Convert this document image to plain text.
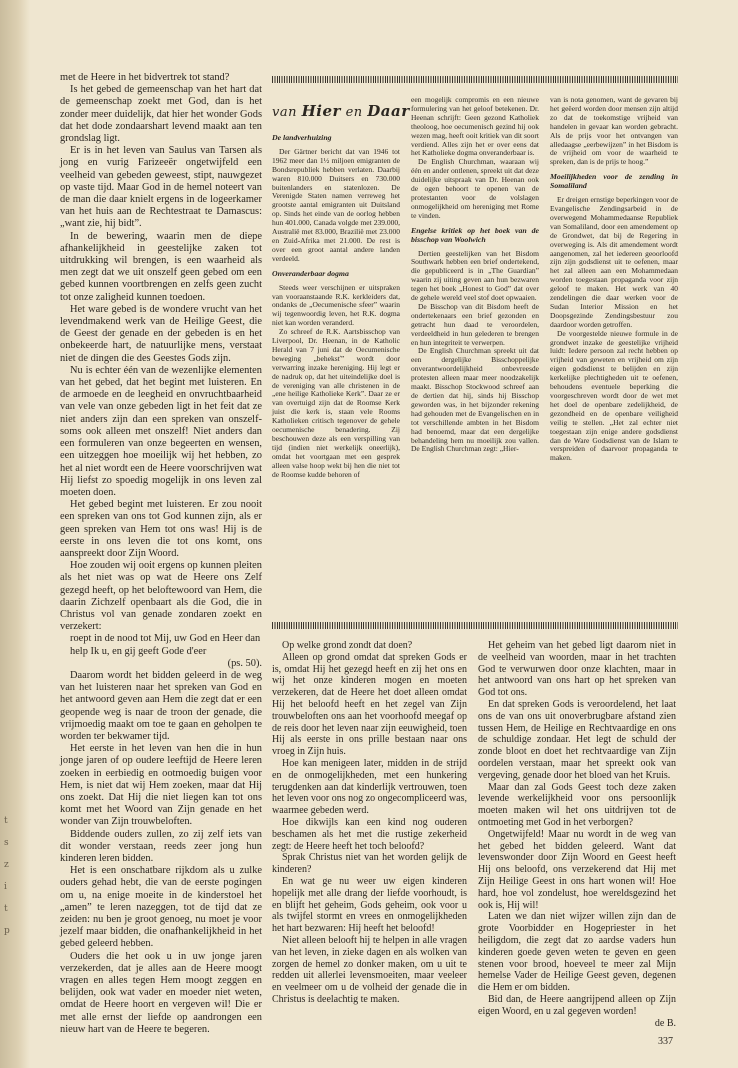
t
s
z
i
t
p

met de Heere in het bidvertrek tot stand?

Is het gebed de gemeenschap van het hart dat de gemeenschap zoekt met God, dan is het zonder meer duidelijk, dat hier het wonder Gods dat het dode zondaarshart levend maakt aan ten grondslag ligt.

Er is in het leven van Saulus van Tarsen als jong en vurig Farizeeër ongetwijfeld een veelheid van gebeden geweest, stipt, nauwgezet op vaste tijd. Maar God in de hemel noteert van de man die daar knielt ergens in de logeerkamer van het huis aan de Rechtestraat te Damascus: „want zie, hij bidt”.

In de bewering, waarin men de diepe afhankelijkheid in geestelijke zaken tot uitdrukking wil brengen, is een waarheid als men zegt dat we uit onszelf geen gebed om een gebed kunnen voortbrengen en zelfs geen zucht tot onze zaligheid kunnen toedoen.

Het ware gebed is de wondere vrucht van het levendmakend werk van de Heilige Geest, die de Geest der genade en der gebeden is en het onbekeerde hart, de natuurlijke mens, verstaat niet de dingen die des Geestes Gods zijn.

Nu is echter één van de wezenlijke elementen van het gebed, dat het begint met luisteren. En de armoede en de leegheid en onvruchtbaarheid van vele van onze gebeden ligt in het feit dat ze niet anders zijn dan een spreken van onszelf-soms ook alleen met onszelf! Niet anders dan een formuleren van onze begeerten en wensen, een uitzeggen hoe moeilijk wij het hebben, zo het al niet wordt een de Heere voorschrijven wat Hij liefst zo spoedig mogelijk in ons leven zal moeten doen.

Het gebed begint met luisteren. Er zou nooit een spreken van ons tot God kunnen zijn, als er geen spreken van Hem tot ons was! Hij is de eerste in ons leven die tot ons komt, ons aanspreekt door Zijn Woord.

Hoe zouden wij ooit ergens op kunnen pleiten als het niet was op wat de Heere ons Zelf gezegd heeft, op het beloftewoord van Hem, die daarin Zichzelf openbaart als die God, die in Christus vol van genade zondaren zoekt en verzekert:

roept in de nood tot Mij, uw God en Heer dan help Ik u, en gij geeft Gode d'eer

(ps. 50).

Daarom wordt het bidden geleerd in de weg van het luisteren naar het spreken van God en het antwoord geven aan Hem die zegt dat er een geopende weg is naar de troon der genade, die vrijmoedig maakt om toe te gaan en geholpen te worden ter bekwamer tijd.

Het eerste in het leven van hen die in hun jonge jaren of op oudere leeftijd de Heere leren zoeken in eerbiedig en ootmoedig buigen voor Hem, is niet dat wij Hem zoeken, maar dat Hij ons zoekt. Dat Hij die niet liegen kan tot ons komt met het Woord van Zijn genade en het wonder van Zijn trouwbeloften.

Biddende ouders zullen, zo zij zelf iets van dit wonder verstaan, reeds zeer jong hun kinderen leren bidden.

Het is een onschatbare rijkdom als u zulke ouders gehad hebt, die van de eerste pogingen om u, na enige moeite in de kinderstoel het „amen” te leren nazeggen, tot de tijd dat ze zeiden: nu ben je groot genoeg, nu moet je voor jezelf maar bidden, die onafhankelijkheid in het gebed geleerd hebben.

Ouders die het ook u in uw jonge jaren verzekerden, dat je alles aan de Heere moogt vragen en alles tegen Hem moogt zeggen en belijden, ook wat vader en moeder niet weten, omdat de Heere hoort en vergeven wil! Die er met alle ernst der liefde op aandrongen een nieuw hart van de Heere te begeren.

van Hier en Daar

De landverhuizing

Der Gärtner bericht dat van 1946 tot 1962 meer dan 1½ miljoen emigranten de Bondsrepubliek hebben verlaten. Daarbij waren 810.000 Duitsers en 730.000 buitenlanders en statenlozen. De Verenigde Staten namen verreweg het grootste aantal emigranten uit Duitsland op. Sinds het einde van de oorlog hebben hun 401.000, Canada volgde met 239.000, Australië met 83.000, Brazilië met 23.000 en Zuid-Afrika met 21.000. De rest is over een groot aantal andere landen verdeeld.

Onveranderbaar dogma

Steeds weer verschijnen er uitspraken van vooraanstaande R.K. kerkleiders dat, ondanks de „Oecumenische sfeer” waarin wij tegenwoordig leven, het R.K. dogma niet kan worden veranderd.

Zo schreef de R.K. Aartsbisschop van Liverpool, Dr. Heenan, in de Katholic Herald van 7 juni dat de Oecumenische beweging „beheksť” wordt door verwarring inzake hereniging. Hij legt er de nadruk op, dat het uiteindelijke doel is de vereniging van alle christenen in de „ene heilige Katholieke Kerk”. Daar ze er van overtuigd zijn dat de Roomse Kerk juist die kerk is, staan vele Rooms Katholieken critisch tegenover de gehele oecumenische benadering. Zij beschouwen deze als een verspilling van tijd (indien niet werkelijk oneerlijk), omdat het voortgaan met een gesprek alleen valse hoop wekt bij hen die niet tot de Roomse kudde behoren of

een mogelijk compromis en een nieuwe formulering van het geloof betekenen. Dr. Heenan schrijft: Geen gezond Katholiek theoloog, hoe oecumenisch gezind hij ook wezen mag, heeft ooit kritiek van dit soort verdiend. Alles zijn het er over eens dat het Katholieke dogma onveranderbaar is.

De English Churchman, waaraan wij één en ander ontlenen, spreekt uit dat deze duidelijke uitspraak van Dr. Heenan ook de ogen behoort te openen van de protestanten voor de volslagen onmogelijkheid om hereniging met Rome te vinden.

Engelse kritiek op het boek van de bisschop van Woolwich

Dertien geestelijken van het Bisdom Southwark hebben een brief ondertekend, die gepubliceerd is in „The Guardian” waarin zij uiting geven aan hun bezwaren tegen het boek „Honest to God” dat over de gehele wereld veel stof doet opwaaien.

De Bisschop van dit Bisdom heeft de ondertekenaars een brief gezonden en getracht hun daad te veroordelen, verdeeldheid in hun gelederen te brengen en hun integriteit te verwerpen.

De English Churchman spreekt uit dat een dergelijke Bisschoppelijke onverantwoordelijkheid onbevreesde protesten alleen maar meer noodzakelijk maakt. Bisschop Stockwood schreef aan de dertien dat hij, sinds hij Bisschop geworden was, in het bijzonder rekening had gehouden met de Evangelischen en in tot verschillende ambten in het Bisdom had benoemd, maar dat een dergelijke behandeling hem nu moeilijk zou vallen. De English Churchman zegt: „Hier-

van is nota genomen, want de gevaren bij het geëerd worden door mensen zijn altijd zo dat de toekomstige vrijheid van handelen in gevaar kan worden gebracht. Als de prijs voor het ontvangen van alledaagse „eerbewijzen” in het Bisdom is de vrijheid om voor de waarheid te spreken, dan is de prijs te hoog.”

Moeilijkheden voor de zending in Somaliland

Er dreigen ernstige beperkingen voor de Evangelische Zendingsarbeid in de overwegend Mohammedaanse Republiek van Somaliland, door een amendement op de Grondwet, dat bij de Regering in overweging is. Als dit amendement wordt aangenomen, zal het iedereen geoorloofd zijn zijn godsdienst uit te oefenen, maar het zal alleen aan een Mohammedaan worden toegestaan propaganda voor zijn geloof te maken. Het werk van 40 zendelingen die daar werken voor de Sudan Interior Mission en het Doopsgezinde Zendingsbestuur zou daardoor worden getroffen.

De voorgestelde nieuwe formule in de grondwet inzake de geestelijke vrijheid luidt: Iedere persoon zal recht hebben op vrijheid van geweten en vrijheid om zijn eigen godsdienst te belijden en zijn kerkelijke plechtigheden uit te oefenen, behoudens eventuele beperking die voorgeschreven wordt door de wet met het doel de openbare zedelijkheid, de gezondheid en de openbare veiligheid veilig te stellen. „Het zal echter niet toegestaan zijn enige andere godsdienst dan de Ware Godsdienst van de Islam te verspreiden of daarvoor propaganda te maken.

Op welke grond zondt dat doen?

Alleen op grond omdat dat spreken Gods er is, omdat Hij het gezegd heeft en zij het ons en wij het onze kinderen mogen en moeten verzekeren, dat de Heere het doet alleen omdat Hij het beloofd heeft en het zegel van Zijn trouwbeloften ons aan het voorhoofd meegaf op de reis door het leven naar zijn eeuwigheid, toen Hij als eerste in ons prille bestaan naar ons vroeg in Zijn huis.

Hoe kan menigeen later, midden in de strijd en de onmogelijkheden, met een hunkering terugdenken aan dat kinderlijk vertrouwen, toen het leven voor ons nog zo ongecompliceerd was, waarmee gebeden werd.

Hoe dikwijls kan een kind nog ouderen beschamen als het met die rustige zekerheid zegt: de Heere heeft het toch beloofd?

Sprak Christus niet van het worden gelijk de kinderen?

En wat ge nu weer uw eigen kinderen hopelijk met alle drang der liefde voorhoudt, is en blijft het geheim, Gods geheim, ook voor u als twijfel stormt en vrees en onmogelijkheden het hart bezwaren: Hij heeft het beloofd!

Niet alleen belooft hij te helpen in alle vragen van het leven, in zieke dagen en als wolken van zorgen de hemel zo donker maken, om u uit te redden uit allerlei levensmoeiten, maar veeleer en veelmeer om u de volheid der genade die in Christus is deelachtig te maken.

Het geheim van het gebed ligt daarom niet in de veelheid van woorden, maar in het trachten God te verwurwen door onze klachten, maar in het antwoord van ons hart op het spreken van God tot ons.

En dat spreken Gods is veroordelend, het laat ons de van ons uit onoverbrugbare afstand zien tussen Hem, de Heilige en Rechtvaardige en ons de schuldige zondaar. Het legt de schuld der zonde bloot en doet het rechtvaardige van Zijn oordelen verstaan, maar het spreekt ook van vergeving, genade door het bloed van het Kruis.

Maar dan zal Gods Geest toch deze zaken levende werkelijkheid voor ons persoonlijk moeten maken wil het ons uitdrijven tot de ontmoeting met God in het verborgen?

Ongetwijfeld! Maar nu wordt in de weg van het gebed het bidden geleerd. Want dat levenswonder door Zijn Woord en Geest heeft Hij ons beloofd, ons verzekerend dat Hij met Zijn Heilige Geest in ons hart wonen wil! Hoe hard, hoe vol zondelust, hoe wereldsgezind het ook is, Hij wil!

Laten we dan niet wijzer willen zijn dan de grote Voorbidder en Hogepriester in het heiligdom, die zegt dat zo aardse vaders hun kinderen goede geven weten te geven en geen stenen voor brood, hoeveel te meer zal Mijn hemelse Vader de Heilige Geest geven, degenen die Hem er om bidden.

Bid dan, de Heere aangrijpend alleen op Zijn eigen Woord, en u zal gegeven worden!

de B.

337
